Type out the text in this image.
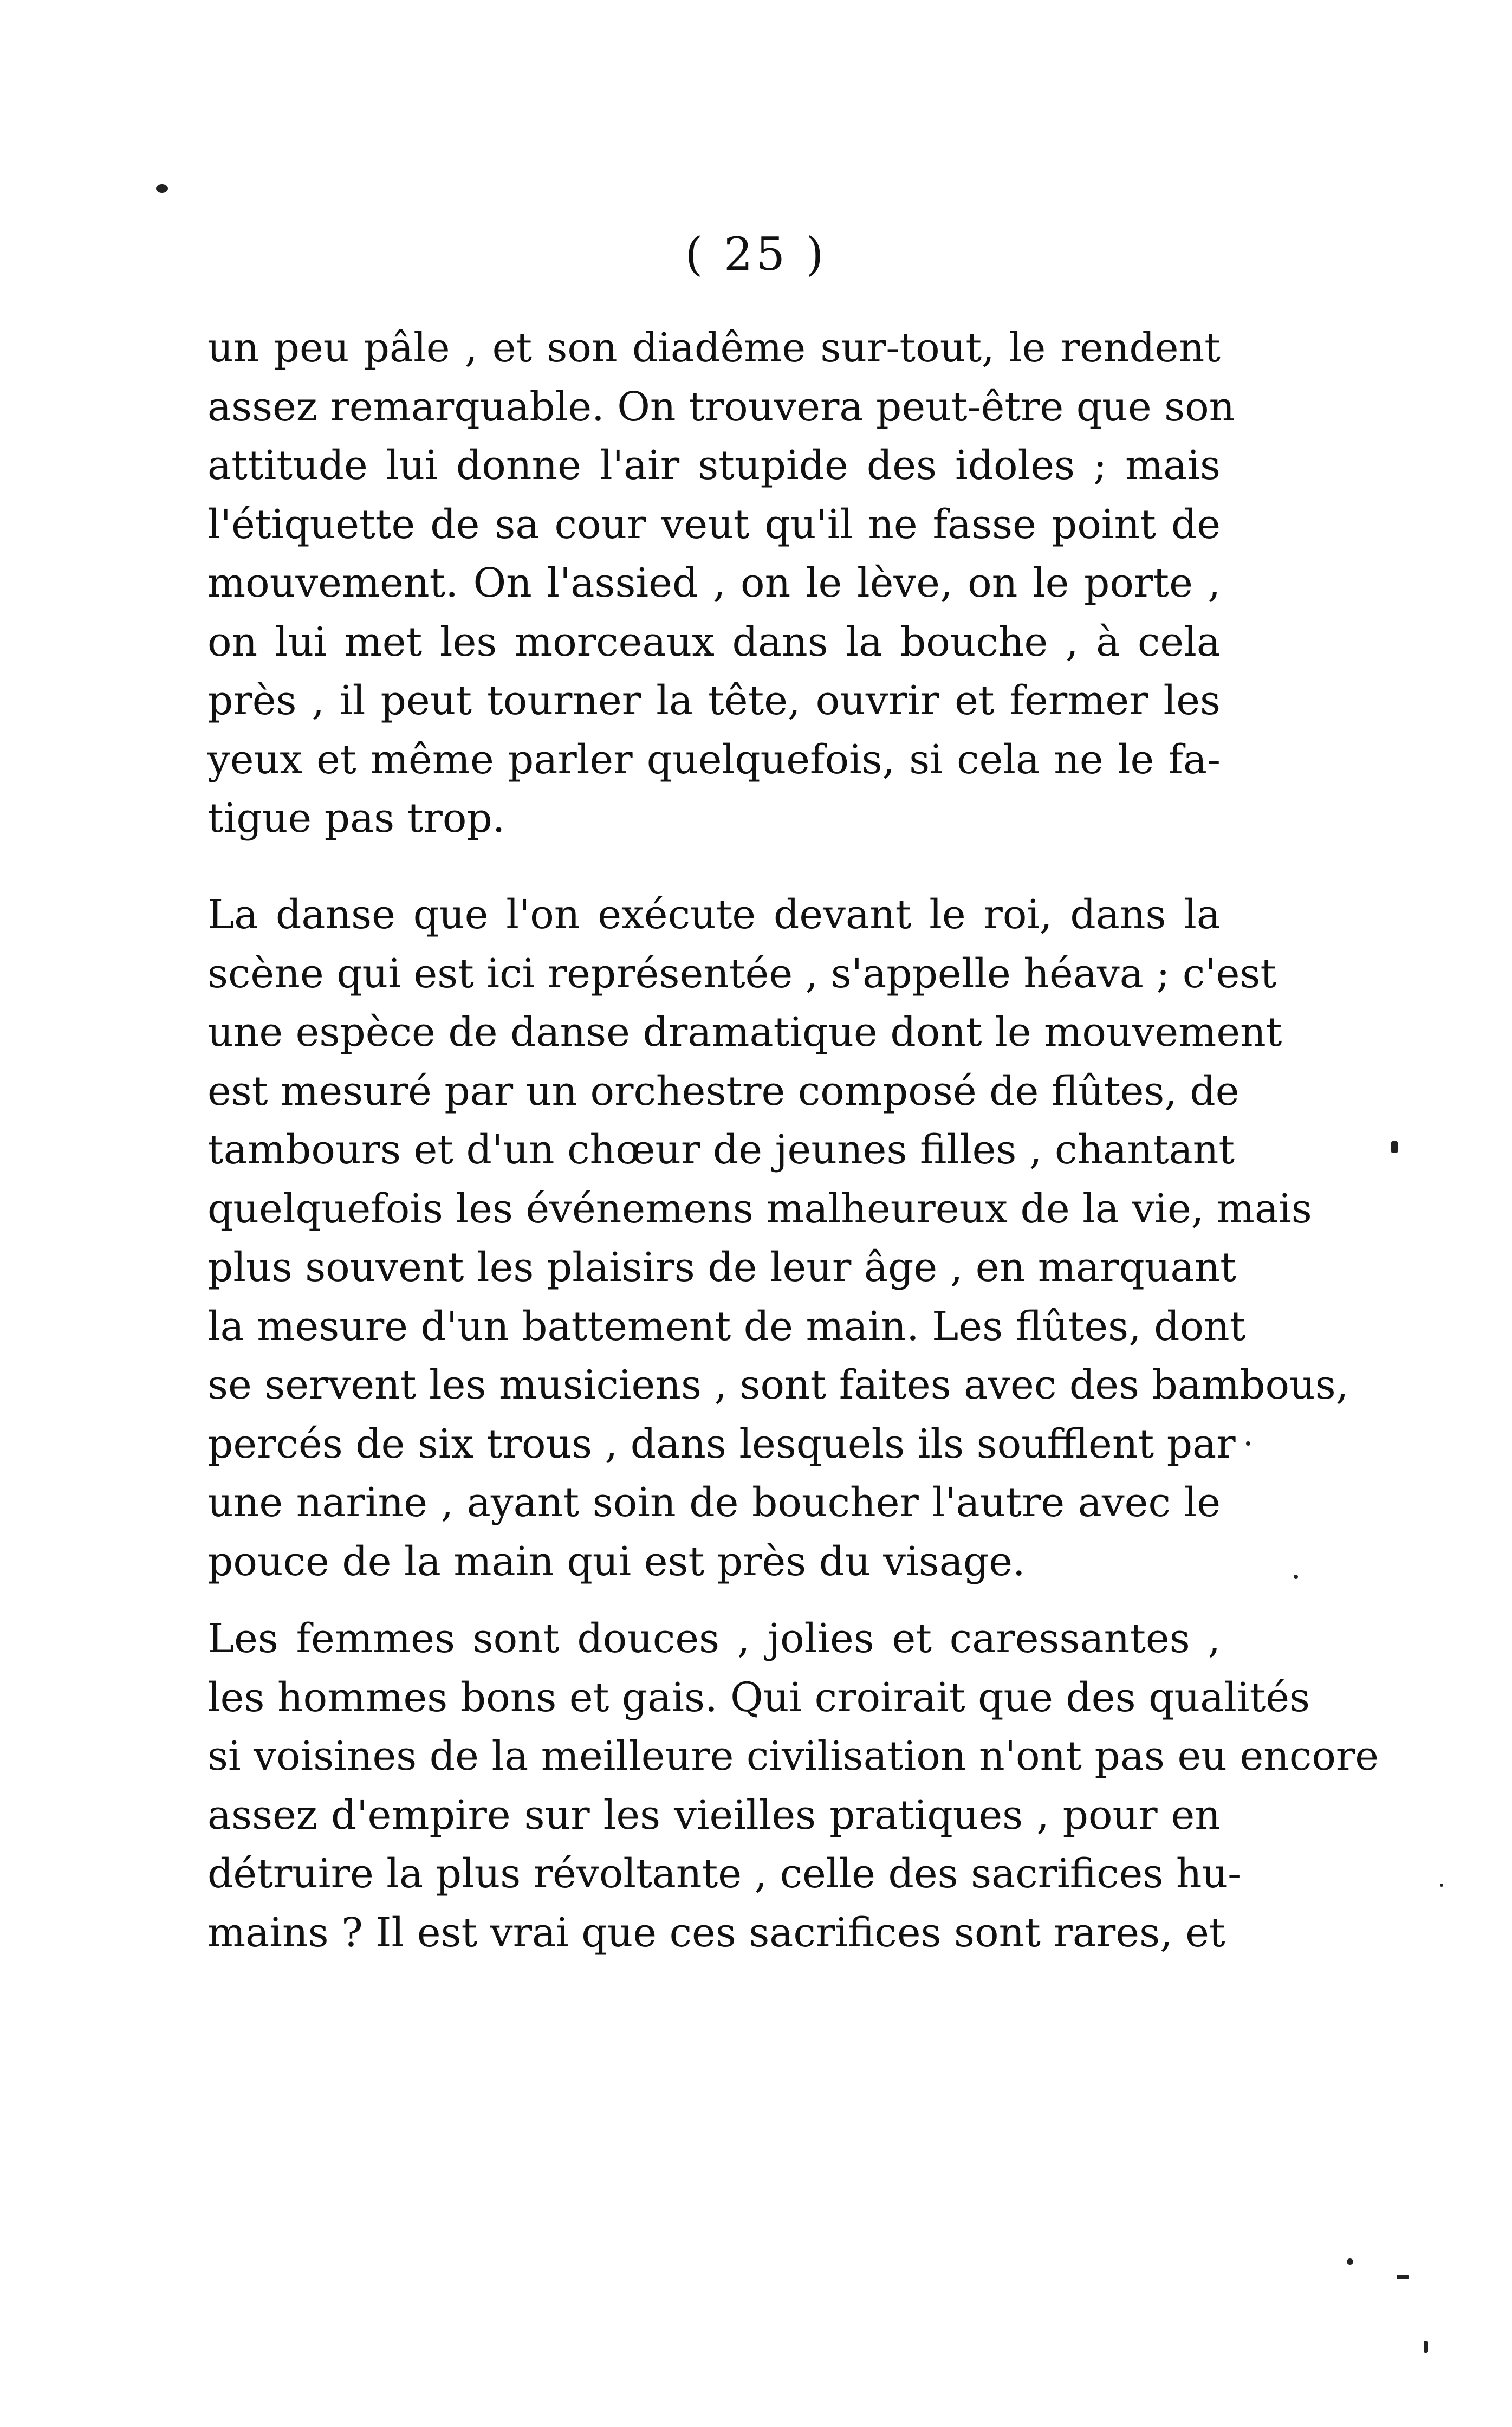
( 25 )
un peu pâle , et son diadême sur-tout, le rendent
assez remarquable. On trouvera peut-être que son
attitude lui donne l'air stupide des idoles ; mais
l'étiquette de sa cour veut qu'il ne fasse point de
mouvement. On l'assied , on le lève, on le porte ,
on lui met les morceaux dans la bouche , à cela
près , il peut tourner la tête, ouvrir et fermer les
yeux et même parler quelquefois, si cela ne le fa-
tigue pas trop.
La danse que l'on exécute devant le roi, dans la
scène qui est ici représentée , s'appelle héava ; c'est
une espèce de danse dramatique dont le mouvement
est mesuré par un orchestre composé de flûtes, de
tambours et d'un chœur de jeunes filles , chantant
quelquefois les événemens malheureux de la vie, mais
plus souvent les plaisirs de leur âge , en marquant
la mesure d'un battement de main. Les flûtes, dont
se servent les musiciens , sont faites avec des bambous,
percés de six trous , dans lesquels ils soufflent par
une narine , ayant soin de boucher l'autre avec le
pouce de la main qui est près du visage.
Les femmes sont douces , jolies et caressantes ,
les hommes bons et gais. Qui croirait que des qualités
si voisines de la meilleure civilisation n'ont pas eu encore
assez d'empire sur les vieilles pratiques , pour en
détruire la plus révoltante , celle des sacrifices hu-
mains ? Il est vrai que ces sacrifices sont rares, et
